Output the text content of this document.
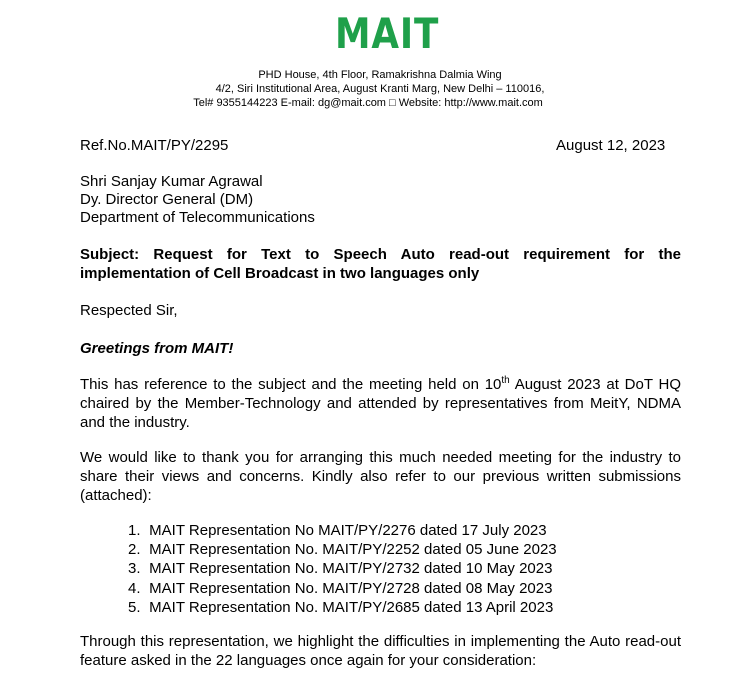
MAIT
PHD House, 4th Floor, Ramakrishna Dalmia Wing
4/2, Siri Institutional Area, August Kranti Marg, New Delhi – 110016,
Tel# 9355144223 E-mail: dg@mait.com □ Website: http://www.mait.com
Ref.No.MAIT/PY/2295	August 12, 2023
Shri Sanjay Kumar Agrawal
Dy. Director General (DM)
Department of Telecommunications
Subject: Request for Text to Speech Auto read-out requirement for the implementation of Cell Broadcast in two languages only
Respected Sir,
Greetings from MAIT!
This has reference to the subject and the meeting held on 10th August 2023 at DoT HQ chaired by the Member-Technology and attended by representatives from MeitY, NDMA and the industry.
We would like to thank you for arranging this much needed meeting for the industry to share their views and concerns. Kindly also refer to our previous written submissions (attached):
1. MAIT Representation No MAIT/PY/2276 dated 17 July 2023
2. MAIT Representation No. MAIT/PY/2252 dated 05 June 2023
3. MAIT Representation No. MAIT/PY/2732 dated 10 May 2023
4. MAIT Representation No. MAIT/PY/2728 dated 08 May 2023
5. MAIT Representation No. MAIT/PY/2685 dated 13 April 2023
Through this representation, we highlight the difficulties in implementing the Auto read-out feature asked in the 22 languages once again for your consideration:
